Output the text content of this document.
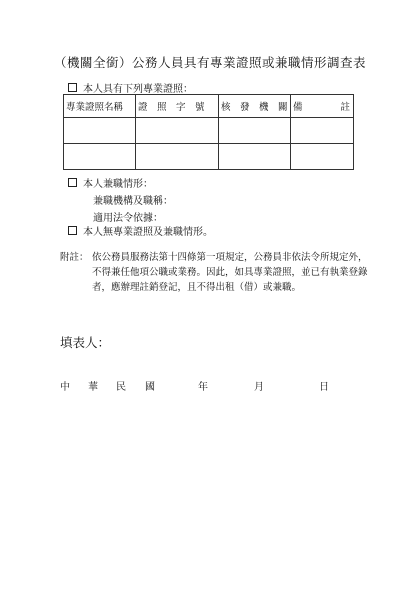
（機關全銜）公務人員具有專業證照或兼職情形調查表
本人具有下列專業證照：
專業證照名稱	證　照　字　號	核　發　機　關	備　　　　註

本人兼職情形：
兼職機構及職稱：
適用法令依據：
本人無專業證照及兼職情形。
附註： 依公務員服務法第十四條第一項規定，公務員非依法令所規定外，不得兼任他項公職或業務。因此，如具專業證照，並已有執業登錄者，應辦理註銷登記，且不得出租（借）或兼職。
填表人：
中 華 民 國	年	月	日
